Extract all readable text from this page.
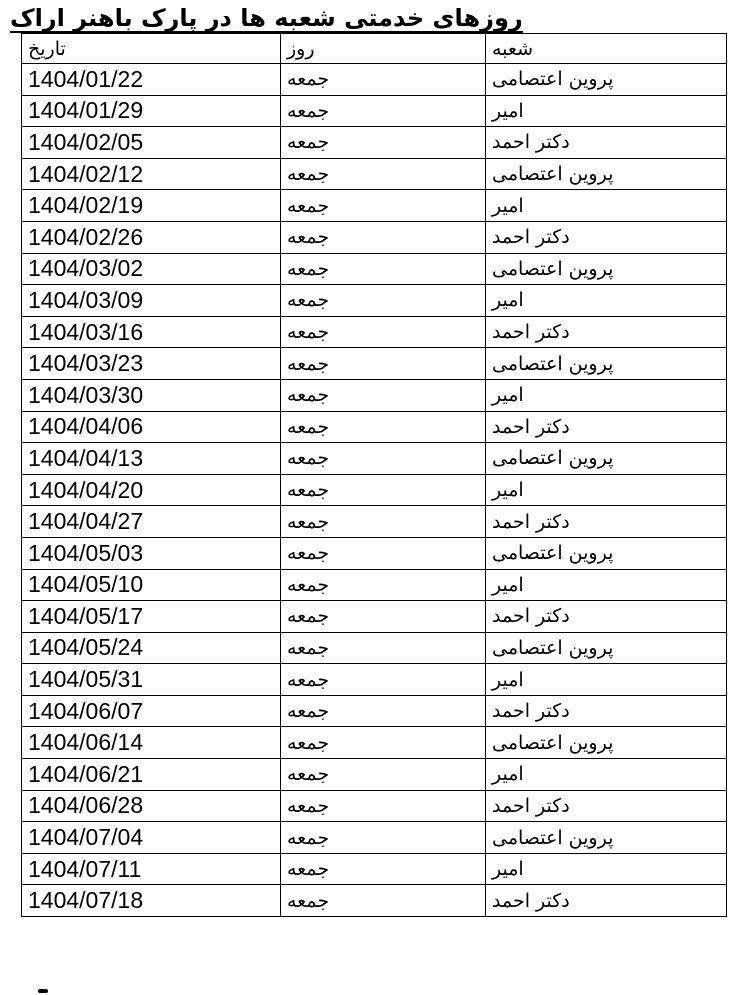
روزهای خدمتی شعبه ها در پارک باهنر اراک
تاریخ	روز	شعبه
1404/01/22	جمعه	پروین اعتصامی
1404/01/29	جمعه	امیر
1404/02/05	جمعه	دکتر احمد
1404/02/12	جمعه	پروین اعتصامی
1404/02/19	جمعه	امیر
1404/02/26	جمعه	دکتر احمد
1404/03/02	جمعه	پروین اعتصامی
1404/03/09	جمعه	امیر
1404/03/16	جمعه	دکتر احمد
1404/03/23	جمعه	پروین اعتصامی
1404/03/30	جمعه	امیر
1404/04/06	جمعه	دکتر احمد
1404/04/13	جمعه	پروین اعتصامی
1404/04/20	جمعه	امیر
1404/04/27	جمعه	دکتر احمد
1404/05/03	جمعه	پروین اعتصامی
1404/05/10	جمعه	امیر
1404/05/17	جمعه	دکتر احمد
1404/05/24	جمعه	پروین اعتصامی
1404/05/31	جمعه	امیر
1404/06/07	جمعه	دکتر احمد
1404/06/14	جمعه	پروین اعتصامی
1404/06/21	جمعه	امیر
1404/06/28	جمعه	دکتر احمد
1404/07/04	جمعه	پروین اعتصامی
1404/07/11	جمعه	امیر
1404/07/18	جمعه	دکتر احمد
